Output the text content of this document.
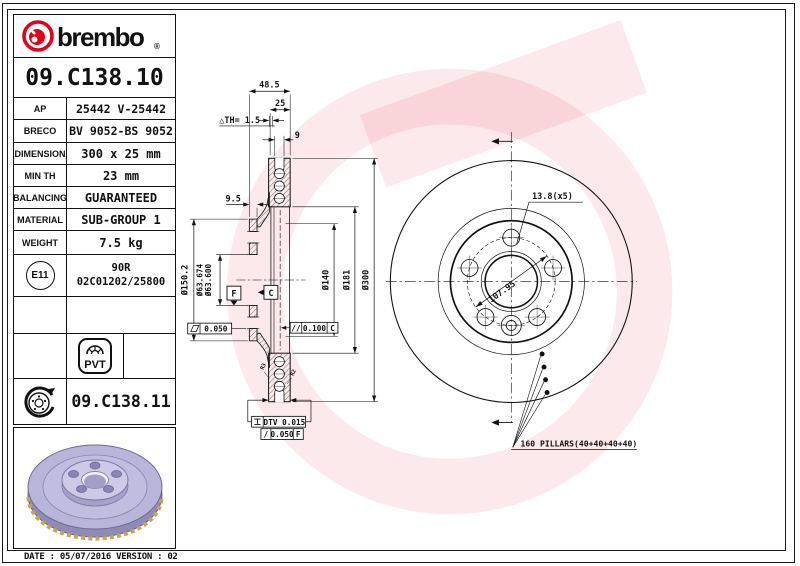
48.5
25
△TH= 1.5
9
9.5
Ø150.2 Ø63.674 Ø63.600	Ø140 Ø181 Ø300
R3
R2
F	C
0.050	// 0.100 C
DTV 0.015
/ 0.050 F
13.8(x5)
107.95
160 PILLARS(40+40+40+40)
brembo ®
09.C138.10
AP	25442 V-25442
BRECO	BV 9052-BS 9052
DIMENSION	300 x 25 mm
MIN TH	23 mm
BALANCING	GUARANTEED
MATERIAL	SUB-GROUP 1
WEIGHT	7.5 kg
E11
90R
02C01202/25800
PVT
09.C138.11
DATE : 05/07/2016 VERSION : 02
